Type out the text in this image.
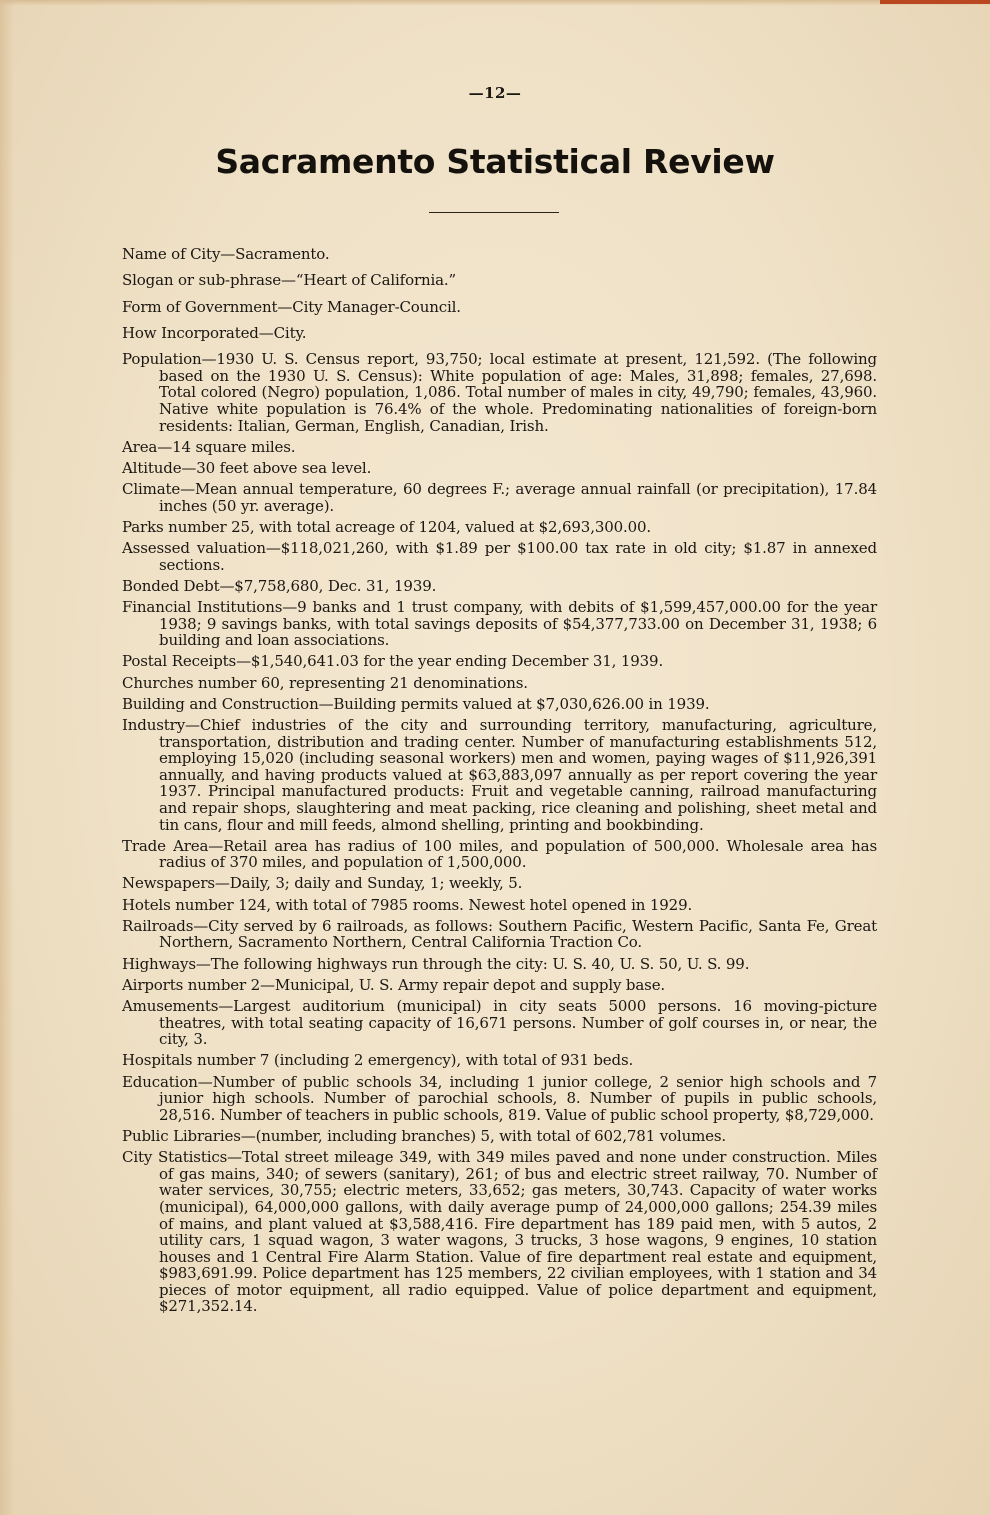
—12—
Sacramento Statistical Review
Name of City—Sacramento.
Slogan or sub-phrase—“Heart of California.”
Form of Government—City Manager-Council.
How Incorporated—City.
Population—1930 U. S. Census report, 93,750; local estimate at present, 121,592. (The following based on the 1930 U. S. Census): White population of age: Males, 31,898; females, 27,698. Total colored (Negro) population, 1,086. Total number of males in city, 49,790; females, 43,960. Native white population is 76.4% of the whole. Predominating nationalities of foreign-born residents: Italian, German, English, Canadian, Irish.
Area—14 square miles.
Altitude—30 feet above sea level.
Climate—Mean annual temperature, 60 degrees F.; average annual rainfall (or precipitation), 17.84 inches (50 yr. average).
Parks number 25, with total acreage of 1204, valued at $2,693,300.00.
Assessed valuation—$118,021,260, with $1.89 per $100.00 tax rate in old city; $1.87 in annexed sections.
Bonded Debt—$7,758,680, Dec. 31, 1939.
Financial Institutions—9 banks and 1 trust company, with debits of $1,599,457,000.00 for the year 1938; 9 savings banks, with total savings deposits of $54,377,733.00 on December 31, 1938; 6 building and loan associations.
Postal Receipts—$1,540,641.03 for the year ending December 31, 1939.
Churches number 60, representing 21 denominations.
Building and Construction—Building permits valued at $7,030,626.00 in 1939.
Industry—Chief industries of the city and surrounding territory, manufacturing, agriculture, transportation, distribution and trading center. Number of manufacturing establishments 512, employing 15,020 (including seasonal workers) men and women, paying wages of $11,926,391 annually, and having products valued at $63,883,097 annually as per report covering the year 1937. Principal manufactured products: Fruit and vegetable canning, railroad manufacturing and repair shops, slaughtering and meat packing, rice cleaning and polishing, sheet metal and tin cans, flour and mill feeds, almond shelling, printing and bookbinding.
Trade Area—Retail area has radius of 100 miles, and population of 500,000. Wholesale area has radius of 370 miles, and population of 1,500,000.
Newspapers—Daily, 3; daily and Sunday, 1; weekly, 5.
Hotels number 124, with total of 7985 rooms. Newest hotel opened in 1929.
Railroads—City served by 6 railroads, as follows: Southern Pacific, Western Pacific, Santa Fe, Great Northern, Sacramento Northern, Central California Traction Co.
Highways—The following highways run through the city: U. S. 40, U. S. 50, U. S. 99.
Airports number 2—Municipal, U. S. Army repair depot and supply base.
Amusements—Largest auditorium (municipal) in city seats 5000 persons. 16 moving-picture theatres, with total seating capacity of 16,671 persons. Number of golf courses in, or near, the city, 3.
Hospitals number 7 (including 2 emergency), with total of 931 beds.
Education—Number of public schools 34, including 1 junior college, 2 senior high schools and 7 junior high schools. Number of parochial schools, 8. Number of pupils in public schools, 28,516. Number of teachers in public schools, 819. Value of public school property, $8,729,000.
Public Libraries—(number, including branches) 5, with total of 602,781 volumes.
City Statistics—Total street mileage 349, with 349 miles paved and none under construction. Miles of gas mains, 340; of sewers (sanitary), 261; of bus and electric street railway, 70. Number of water services, 30,755; electric meters, 33,652; gas meters, 30,743. Capacity of water works (municipal), 64,000,000 gallons, with daily average pump of 24,000,000 gallons; 254.39 miles of mains, and plant valued at $3,588,416. Fire department has 189 paid men, with 5 autos, 2 utility cars, 1 squad wagon, 3 water wagons, 3 trucks, 3 hose wagons, 9 engines, 10 station houses and 1 Central Fire Alarm Station. Value of fire department real estate and equipment, $983,691.99. Police department has 125 members, 22 civilian employees, with 1 station and 34 pieces of motor equipment, all radio equipped. Value of police department and equipment, $271,352.14.
